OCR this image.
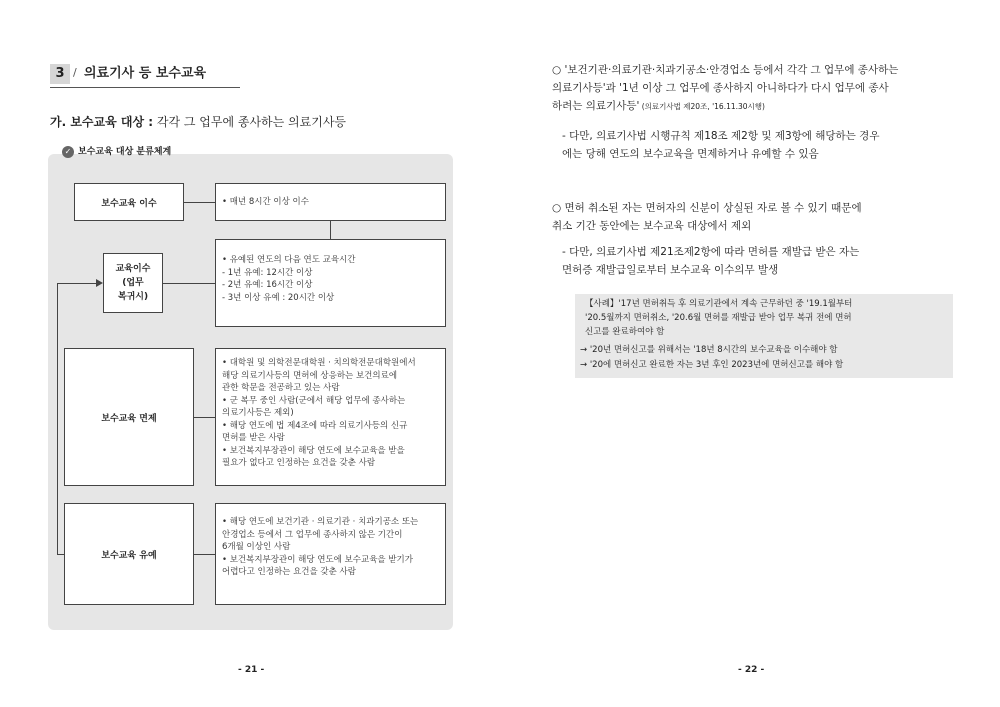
3 / 의료기사 등 보수교육
가. 보수교육 대상 : 각각 그 업무에 종사하는 의료기사등
✓ 보수교육 대상 분류체계
보수교육 이수	• 매년 8시간 이상 이수
교육이수
(업무
복귀시)
• 유예된 연도의 다음 연도 교육시간
- 1년 유예: 12시간 이상
- 2년 유예: 16시간 이상
- 3년 이상 유예 : 20시간 이상
보수교육 면제
• 대학원 및 의학전문대학원 · 치의학전문대학원에서
해당 의료기사등의 면허에 상응하는 보건의료에
관한 학문을 전공하고 있는 사람
• 군 복무 중인 사람(군에서 해당 업무에 종사하는
의료기사등은 제외)
• 해당 연도에 법 제4조에 따라 의료기사등의 신규
면허를 받은 사람
• 보건복지부장관이 해당 연도에 보수교육을 받을
필요가 없다고 인정하는 요건을 갖춘 사람
보수교육 유예
• 해당 연도에 보건기관 · 의료기관 · 치과기공소 또는
안경업소 등에서 그 업무에 종사하지 않은 기간이
6개월 이상인 사람
• 보건복지부장관이 해당 연도에 보수교육을 받기가
어렵다고 인정하는 요건을 갖춘 사람
- 21 -
○ '보건기관·의료기관·치과기공소·안경업소 등에서 각각 그 업무에 종사하는
의료기사등'과 '1년 이상 그 업무에 종사하지 아니하다가 다시 업무에 종사
하려는 의료기사등' (의료기사법 제20조, '16.11.30시행)
- 다만, 의료기사법 시행규칙 제18조 제2항 및 제3항에 해당하는 경우
에는 당해 연도의 보수교육을 면제하거나 유예할 수 있음
○ 면허 취소된 자는 면허자의 신분이 상실된 자로 볼 수 있기 때문에
취소 기간 동안에는 보수교육 대상에서 제외
- 다만, 의료기사법 제21조제2항에 따라 면허를 재발급 받은 자는
면허증 재발급일로부터 보수교육 이수의무 발생
【사례】'17년 면허취득 후 의료기관에서 계속 근무하던 중 '19.1월부터
'20.5월까지 면허취소, '20.6월 면허를 재발급 받아 업무 복귀 전에 면허
신고를 완료하여야 함
→ '20년 면허신고를 위해서는 '18년 8시간의 보수교육을 이수해야 함
→ '20에 면허신고 완료한 자는 3년 후인 2023년에 면허신고를 해야 함
- 22 -
